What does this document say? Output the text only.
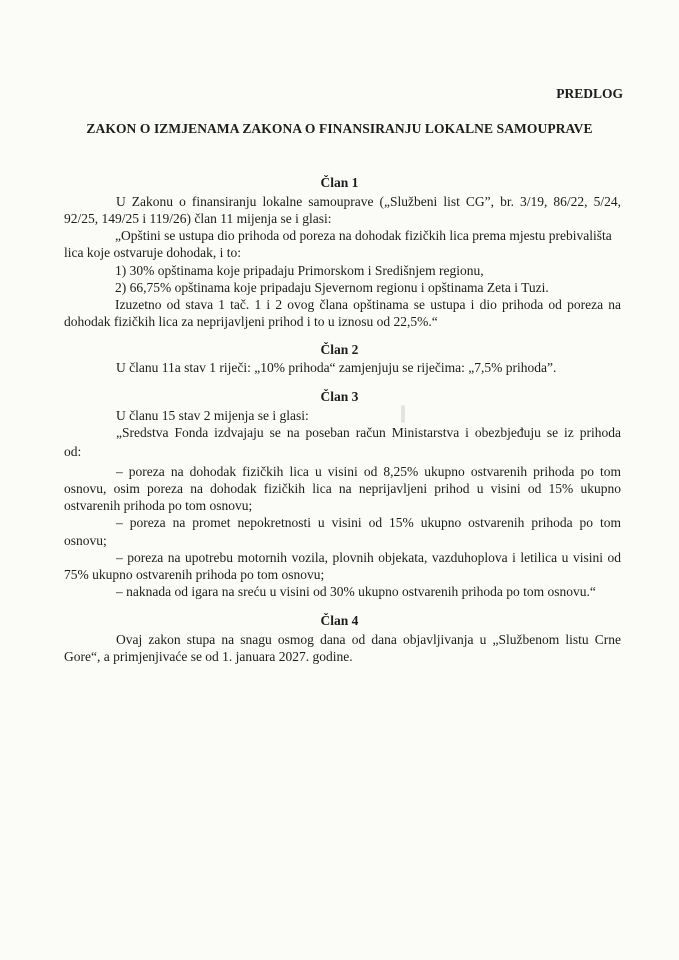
PREDLOG
ZAKON O IZMJENAMA ZAKONA O FINANSIRANJU LOKALNE SAMOUPRAVE
Član 1
U Zakonu o finansiranju lokalne samouprave („Službeni list CG”, br. 3/19, 86/22, 5/24,
92/25, 149/25 i 119/26) član 11 mijenja se i glasi:
„Opštini se ustupa dio prihoda od poreza na dohodak fizičkih lica prema mjestu prebivališta
lica koje ostvaruje dohodak, i to:
1) 30% opštinama koje pripadaju Primorskom i Središnjem regionu,
2) 66,75% opštinama koje pripadaju Sjevernom regionu i opštinama Zeta i Tuzi.
Izuzetno od stava 1 tač. 1 i 2 ovog člana opštinama se ustupa i dio prihoda od poreza na
dohodak fizičkih lica za neprijavljeni prihod i to u iznosu od 22,5%.“
Član 2
U članu 11a stav 1 riječi: „10% prihoda“ zamjenjuju se riječima: „7,5% prihoda”.
Član 3
U članu 15 stav 2 mijenja se i glasi:
„Sredstva Fonda izdvajaju se na poseban račun Ministarstva i obezbjeđuju se iz prihoda
od:
– poreza na dohodak fizičkih lica u visini od 8,25% ukupno ostvarenih prihoda po tom
osnovu, osim poreza na dohodak fizičkih lica na neprijavljeni prihod u visini od 15% ukupno
ostvarenih prihoda po tom osnovu;
– poreza na promet nepokretnosti u visini od 15% ukupno ostvarenih prihoda po tom
osnovu;
– poreza na upotrebu motornih vozila, plovnih objekata, vazduhoplova i letilica u visini od
75% ukupno ostvarenih prihoda po tom osnovu;
– naknada od igara na sreću u visini od 30% ukupno ostvarenih prihoda po tom osnovu.“
Član 4
Ovaj zakon stupa na snagu osmog dana od dana objavljivanja u „Službenom listu Crne
Gore“, a primjenjivaće se od 1. januara 2027. godine.
